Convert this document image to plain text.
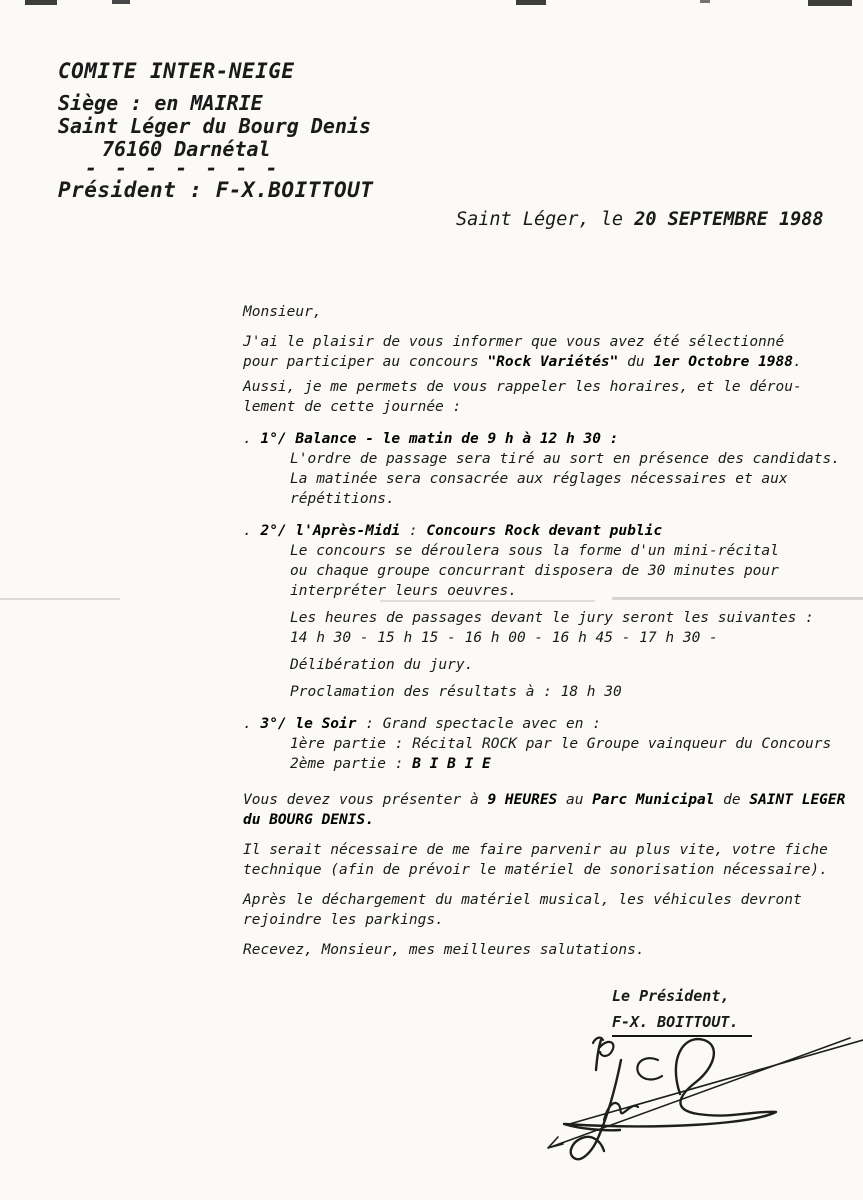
COMITE INTER-NEIGE
Siège : en MAIRIE
Saint Léger du Bourg Denis
76160 Darnétal
- - - - - - -
Président : F-X.BOITTOUT
Saint Léger, le 20 SEPTEMBRE 1988
Monsieur,
J'ai le plaisir de vous informer que vous avez été sélectionné
pour participer au concours "Rock Variétés" du 1er Octobre 1988.
Aussi, je me permets de vous rappeler les horaires, et le dérou-
lement de cette journée :
. 1°/ Balance - le matin de 9 h à 12 h 30 :
L'ordre de passage sera tiré au sort en présence des candidats.
La matinée sera consacrée aux réglages nécessaires et aux
répétitions.
. 2°/ l'Après-Midi : Concours Rock devant public
Le concours se déroulera sous la forme d'un mini-récital
ou chaque groupe concurrant disposera de 30 minutes pour
interpréter leurs oeuvres.
Les heures de passages devant le jury seront les suivantes :
14 h 30 - 15 h 15 - 16 h 00 - 16 h 45 - 17 h 30 -
Délibération du jury.
Proclamation des résultats à : 18 h 30
. 3°/ le Soir : Grand spectacle avec en :
1ère partie : Récital ROCK par le Groupe vainqueur du Concours
2ème partie : B I B I E
Vous devez vous présenter à 9 HEURES au Parc Municipal de SAINT LEGER
du BOURG DENIS.
Il serait nécessaire de me faire parvenir au plus vite, votre fiche
technique (afin de prévoir le matériel de sonorisation nécessaire).
Après le déchargement du matériel musical, les véhicules devront
rejoindre les parkings.
Recevez, Monsieur, mes meilleures salutations.
Le Président,
F-X. BOITTOUT.
